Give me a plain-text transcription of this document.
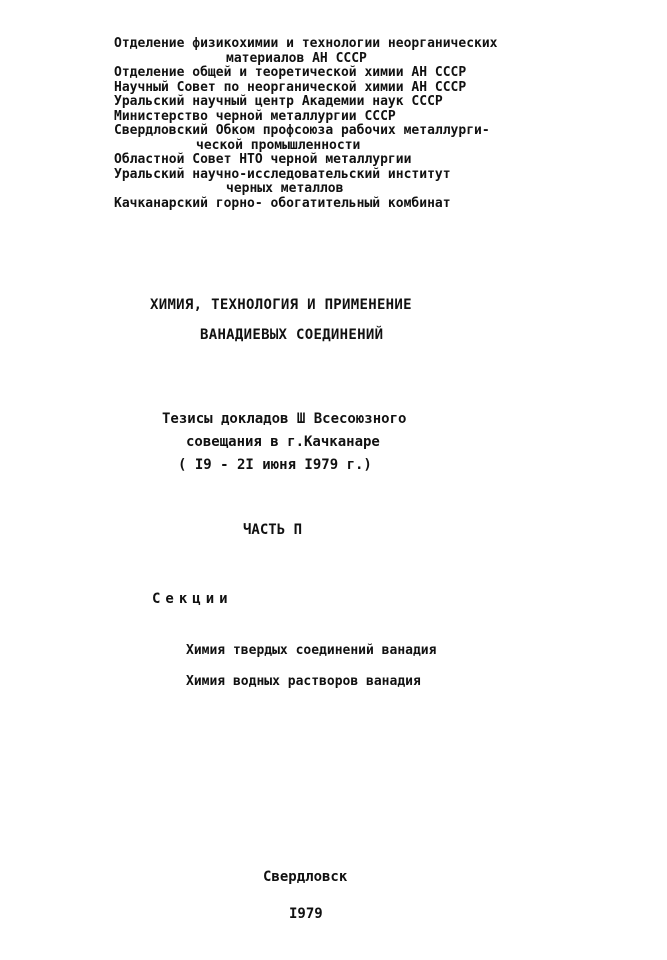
Отделение физикохимии и технологии неорганических
материалов АН СССР
Отделение общей и теоретической химии АН СССР
Научный Совет по неорганической химии АН СССР
Уральский научный центр Академии наук СССР
Министерство черной металлургии СССР
Свердловский Обком профсоюза рабочих металлурги-
ческой промышленности
Областной Совет НТО черной металлургии
Уральский научно-исследовательский институт
черных металлов
Качканарский горно- обогатительный комбинат
ХИМИЯ, ТЕХНОЛОГИЯ И ПРИМЕНЕНИЕ
ВАНАДИЕВЫХ СОЕДИНЕНИЙ
Тезисы докладов Ш Всесоюзного
совещания в г.Качканаре
( I9 - 2I июня I979 г.)
ЧАСТЬ П
Секции
Химия твердых соединений ванадия
Химия водных растворов ванадия
Свердловск
I979
